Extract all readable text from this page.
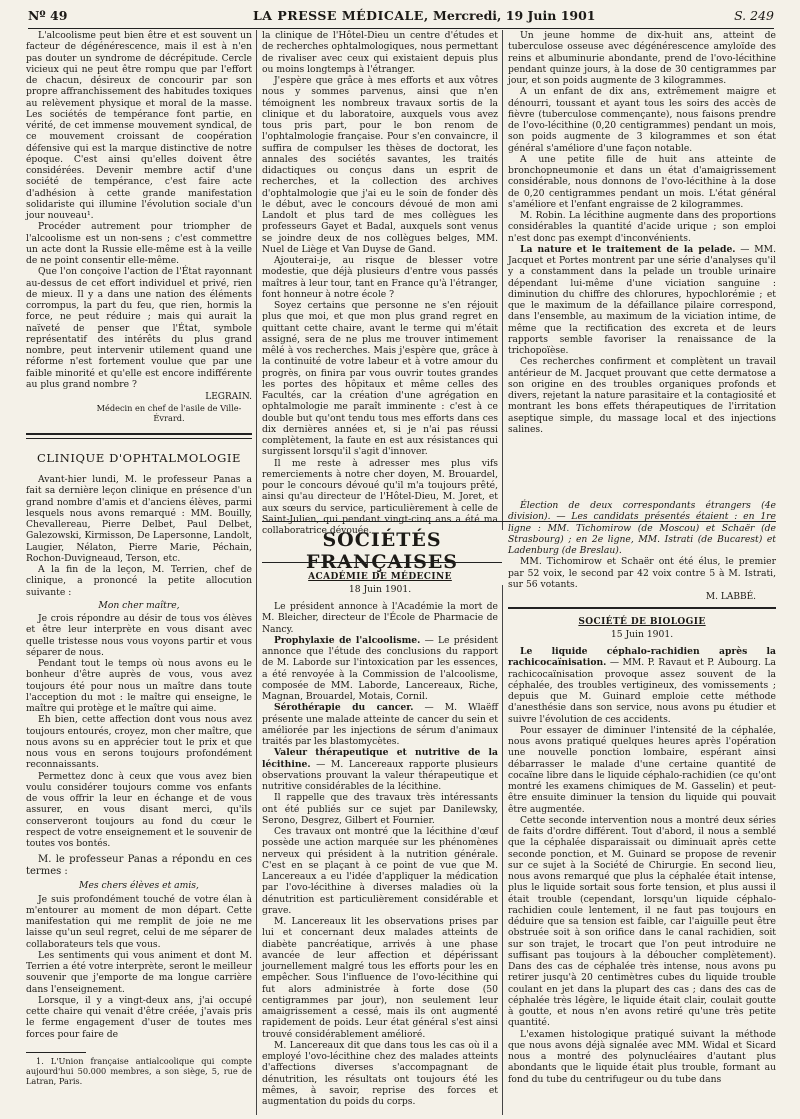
Nº 49	LA PRESSE MÉDICALE, Mercredi, 19 Juin 1901	S. 249

L'alcoolisme peut bien être et est souvent un facteur de dégénérescence, mais il est à n'en pas douter un syndrome de décrépitude. Cercle vicieux qui ne peut être rompu que par l'effort de chacun, désireux de concourir par son propre affranchissement des habitudes toxiques au relèvement physique et moral de la masse. Les sociétés de tempérance font partie, en vérité, de cet immense mouvement syndical, de ce mouvement croissant de coopération défensive qui est la marque distinctive de notre époque. C'est ainsi qu'elles doivent être considérées. Devenir membre actif d'une société de tempérance, c'est faire acte d'adhésion à cette grande manifestation solidariste qui illumine l'évolution sociale d'un jour nouveau¹.

Procéder autrement pour triompher de l'alcoolisme est un non-sens ; c'est commettre un acte dont la Russie elle-même est à la veille de ne point consentir elle-même.

Que l'on conçoive l'action de l'État rayonnant au-dessus de cet effort individuel et privé, rien de mieux. Il y a dans une nation des éléments corrompus, la part du feu, que rien, hormis la force, ne peut réduire ; mais qui aurait la naïveté de penser que l'État, symbole représentatif des intérêts du plus grand nombre, peut intervenir utilement quand une réforme n'est fortement voulue que par une faible minorité et qu'elle est encore indifférente au plus grand nombre ?

LEGRAIN.
Médecin en chef de l'asile de Ville-Évrard.
CLINIQUE D'OPHTALMOLOGIE

Avant-hier lundi, M. le professeur Panas a fait sa dernière leçon clinique en présence d'un grand nombre d'amis et d'anciens élèves, parmi lesquels nous avons remarqué : MM. Bouilly, Chevallereau, Pierre Delbet, Paul Delbet, Galezowski, Kirmisson, De Lapersonne, Landolt, Laugier, Nélaton, Pierre Marie, Péchain, Rochon-Duvigneaud, Terson, etc.

A la fin de la leçon, M. Terrien, chef de clinique, a prononcé la petite allocution suivante :

Mon cher maître,

Je crois répondre au désir de tous vos élèves et être leur interprète en vous disant avec quelle tristesse nous vous voyons partir et vous séparer de nous.

Pendant tout le temps où nous avons eu le bonheur d'être auprès de vous, vous avez toujours été pour nous un maître dans toute l'acception du mot : le maître qui enseigne, le maître qui protège et le maître qui aime.

Eh bien, cette affection dont vous nous avez toujours entourés, croyez, mon cher maître, que nous avons su en apprécier tout le prix et que nous vous en serons toujours profondément reconnaissants.

Permettez donc à ceux que vous avez bien voulu considérer toujours comme vos enfants de vous offrir la leur en échange et de vous assurer, en vous disant merci, qu'ils conserveront toujours au fond du cœur le respect de votre enseignement et le souvenir de toutes vos bontés.

M. le professeur Panas a répondu en ces termes :

Mes chers élèves et amis,

Je suis profondément touché de votre élan à m'entourer au moment de mon départ. Cette manifestation qui me remplit de joie ne me laisse qu'un seul regret, celui de me séparer de collaborateurs tels que vous.

Les sentiments qui vous animent et dont M. Terrien a été votre interprète, seront le meilleur souvenir que j'emporte de ma longue carrière dans l'enseignement.

Lorsque, il y a vingt-deux ans, j'ai occupé cette chaire qui venait d'être créée, j'avais pris le ferme engagement d'user de toutes mes forces pour faire de

1. L'Union française antialcoolique qui compte aujourd'hui 50.000 membres, a son siège, 5, rue de Latran, Paris.

la clinique de l'Hôtel-Dieu un centre d'études et de recherches ophtalmologiques, nous permettant de rivaliser avec ceux qui existaient depuis plus ou moins longtemps à l'étranger.

J'espère que grâce à mes efforts et aux vôtres nous y sommes parvenus, ainsi que n'en témoignent les nombreux travaux sortis de la clinique et du laboratoire, auxquels vous avez tous pris part, pour le bon renom de l'ophtalmologie française. Pour s'en convaincre, il suffira de compulser les thèses de doctorat, les annales des sociétés savantes, les traités didactiques ou conçus dans un esprit de recherches, et la collection des archives d'ophtalmologie que j'ai eu le soin de fonder dès le début, avec le concours dévoué de mon ami Landolt et plus tard de mes collègues les professeurs Gayet et Badal, auxquels sont venus se joindre deux de nos collègues belges, MM. Nuel de Liège et Van Duyse de Gand.

Ajouterai-je, au risque de blesser votre modestie, que déjà plusieurs d'entre vous passés maîtres à leur tour, tant en France qu'à l'étranger, font honneur à notre école ?

Soyez certains que personne ne s'en réjouit plus que moi, et que mon plus grand regret en quittant cette chaire, avant le terme qui m'était assigné, sera de ne plus me trouver intimement mêlé à vos recherches. Mais j'espère que, grâce à la continuité de votre labeur et à votre amour du progrès, on finira par vous ouvrir toutes grandes les portes des hôpitaux et même celles des Facultés, car la création d'une agrégation en ophtalmologie me paraît imminente : c'est à ce double but qu'ont tendu tous mes efforts dans ces dix dernières années et, si je n'ai pas réussi complètement, la faute en est aux résistances qui surgissent lorsqu'il s'agit d'innover.

Il me reste à adresser mes plus vifs remerciements à notre cher doyen, M. Brouardel, pour le concours dévoué qu'il m'a toujours prêté, ainsi qu'au directeur de l'Hôtel-Dieu, M. Joret, et aux sœurs du service, particulièrement à celle de Saint-Julien, qui pendant vingt-cinq ans a été ma collaboratrice dévouée.

Un jeune homme de dix-huit ans, atteint de tuberculose osseuse avec dégénérescence amyloïde des reins et albuminurie abondante, prend de l'ovo-lécithine pendant quinze jours, à la dose de 30 centigrammes par jour, et son poids augmente de 3 kilogrammes.

A un enfant de dix ans, extrêmement maigre et dénourri, toussant et ayant tous les soirs des accès de fièvre (tuberculose commençante), nous faisons prendre de l'ovo-lécithine (0,20 centigrammes) pendant un mois, son poids augmente de 3 kilogrammes et son état général s'améliore d'une façon notable.

A une petite fille de huit ans atteinte de bronchopneumonie et dans un état d'amaigrissement considérable, nous donnons de l'ovo-lécithine à la dose de 0,20 centigrammes pendant un mois. L'état général s'améliore et l'enfant engraisse de 2 kilogrammes.

M. Robin. La lécithine augmente dans des proportions considérables la quantité d'acide urique ; son emploi n'est donc pas exempt d'inconvénients.

La nature et le traitement de la pelade. — MM. Jacquet et Portes montrent par une série d'analyses qu'il y a constamment dans la pelade un trouble urinaire dépendant lui-même d'une viciation sanguine : diminution du chiffre des chlorures, hypochlorémie ; et que le maximum de la défaillance pilaire correspond, dans l'ensemble, au maximum de la viciation intime, de même que la rectification des excreta et de leurs rapports semble favoriser la renaissance de la trichopoïèse.

Ces recherches confirment et complètent un travail antérieur de M. Jacquet prouvant que cette dermatose a son origine en des troubles organiques profonds et divers, rejetant la nature parasitaire et la contagiosité et montrant les bons effets thérapeutiques de l'irritation aseptique simple, du massage local et des injections salines.

SOCIÉTÉS FRANÇAISES
ACADÉMIE DE MÉDECINE
18 Juin 1901.

Le président annonce à l'Académie la mort de M. Bleicher, directeur de l'École de Pharmacie de Nancy.

Prophylaxie de l'alcoolisme. — Le président annonce que l'étude des conclusions du rapport de M. Laborde sur l'intoxication par les essences, a été renvoyée à la Commission de l'alcoolisme, composée de MM. Laborde, Lancereaux, Riche, Magnan, Brouardel, Motais, Cornil.

Sérothérapie du cancer. — M. Wlaëff présente une malade atteinte de cancer du sein et améliorée par les injections de sérum d'animaux traités par les blastomycètes.

Valeur thérapeutique et nutritive de la lécithine. — M. Lancereaux rapporte plusieurs observations prouvant la valeur thérapeutique et nutritive considérables de la lécithine.

Il rappelle que des travaux très intéressants ont été publiés sur ce sujet par Danilewsky, Serono, Desgrez, Gilbert et Fournier.

Ces travaux ont montré que la lécithine d'œuf possède une action marquée sur les phénomènes nerveux qui président à la nutrition générale. C'est en se plaçant à ce point de vue que M. Lancereaux a eu l'idée d'appliquer la médication par l'ovo-lécithine à diverses maladies où la dénutrition est particulièrement considérable et grave.

M. Lancereaux lit les observations prises par lui et concernant deux malades atteints de diabète pancréatique, arrivés à une phase avancée de leur affection et dépérissant journellement malgré tous les efforts pour les en empêcher. Sous l'influence de l'ovo-lécithine qui fut alors administrée à forte dose (50 centigrammes par jour), non seulement leur amaigrissement a cessé, mais ils ont augmenté rapidement de poids. Leur état général s'est ainsi trouvé considérablement amélioré.

M. Lancereaux dit que dans tous les cas où il a employé l'ovo-lécithine chez des malades atteints d'affections diverses s'accompagnant de dénutrition, les résultats ont toujours été les mêmes, à savoir, reprise des forces et augmentation du poids du corps.

Élection de deux correspondants étrangers (4e division). — Les candidats présentés étaient : en 1re ligne : MM. Tichomirow (de Moscou) et Schaër (de Strasbourg) ; en 2e ligne, MM. Istrati (de Bucarest) et Ladenburg (de Breslau).

MM. Tichomirow et Schaër ont été élus, le premier par 52 voix, le second par 42 voix contre 5 à M. Istrati, sur 56 votants.

M. LABBÉ.
SOCIÉTÉ DE BIOLOGIE
15 Juin 1901.

Le liquide céphalo-rachidien après la rachicocaïnisation. — MM. P. Ravaut et P. Aubourg. La rachicocaïnisation provoque assez souvent de la céphalée, des troubles vertigineux, des vomissements ; depuis que M. Guinard emploie cette méthode d'anesthésie dans son service, nous avons pu étudier et suivre l'évolution de ces accidents.

Pour essayer de diminuer l'intensité de la céphalée, nous avons pratiqué quelques heures après l'opération une nouvelle ponction lombaire, espérant ainsi débarrasser le malade d'une certaine quantité de cocaïne libre dans le liquide céphalo-rachidien (ce qu'ont montré les examens chimiques de M. Gasselin) et peut-être ensuite diminuer la tension du liquide qui pouvait être augmentée.

Cette seconde intervention nous a montré deux séries de faits d'ordre différent. Tout d'abord, il nous a semblé que la céphalée disparaissait ou diminuait après cette seconde ponction, et M. Guinard se propose de revenir sur ce sujet à la Société de Chirurgie. En second lieu, nous avons remarqué que plus la céphalée était intense, plus le liquide sortait sous forte tension, et plus aussi il était trouble (cependant, lorsqu'un liquide céphalo-rachidien coule lentement, il ne faut pas toujours en déduire que sa tension est faible, car l'aiguille peut être obstruée soit à son orifice dans le canal rachidien, soit sur son trajet, le trocart que l'on peut introduire ne suffisant pas toujours à la déboucher complètement). Dans des cas de céphalée très intense, nous avons pu retirer jusqu'à 20 centimètres cubes du liquide trouble coulant en jet dans la plupart des cas ; dans des cas de céphalée très légère, le liquide était clair, coulait goutte à goutte, et nous n'en avons retiré qu'une très petite quantité.

L'examen histologique pratiqué suivant la méthode que nous avons déjà signalée avec MM. Widal et Sicard nous a montré des polynucléaires d'autant plus abondants que le liquide était plus trouble, formant au fond du tube du centrifugeur ou du tube dans
